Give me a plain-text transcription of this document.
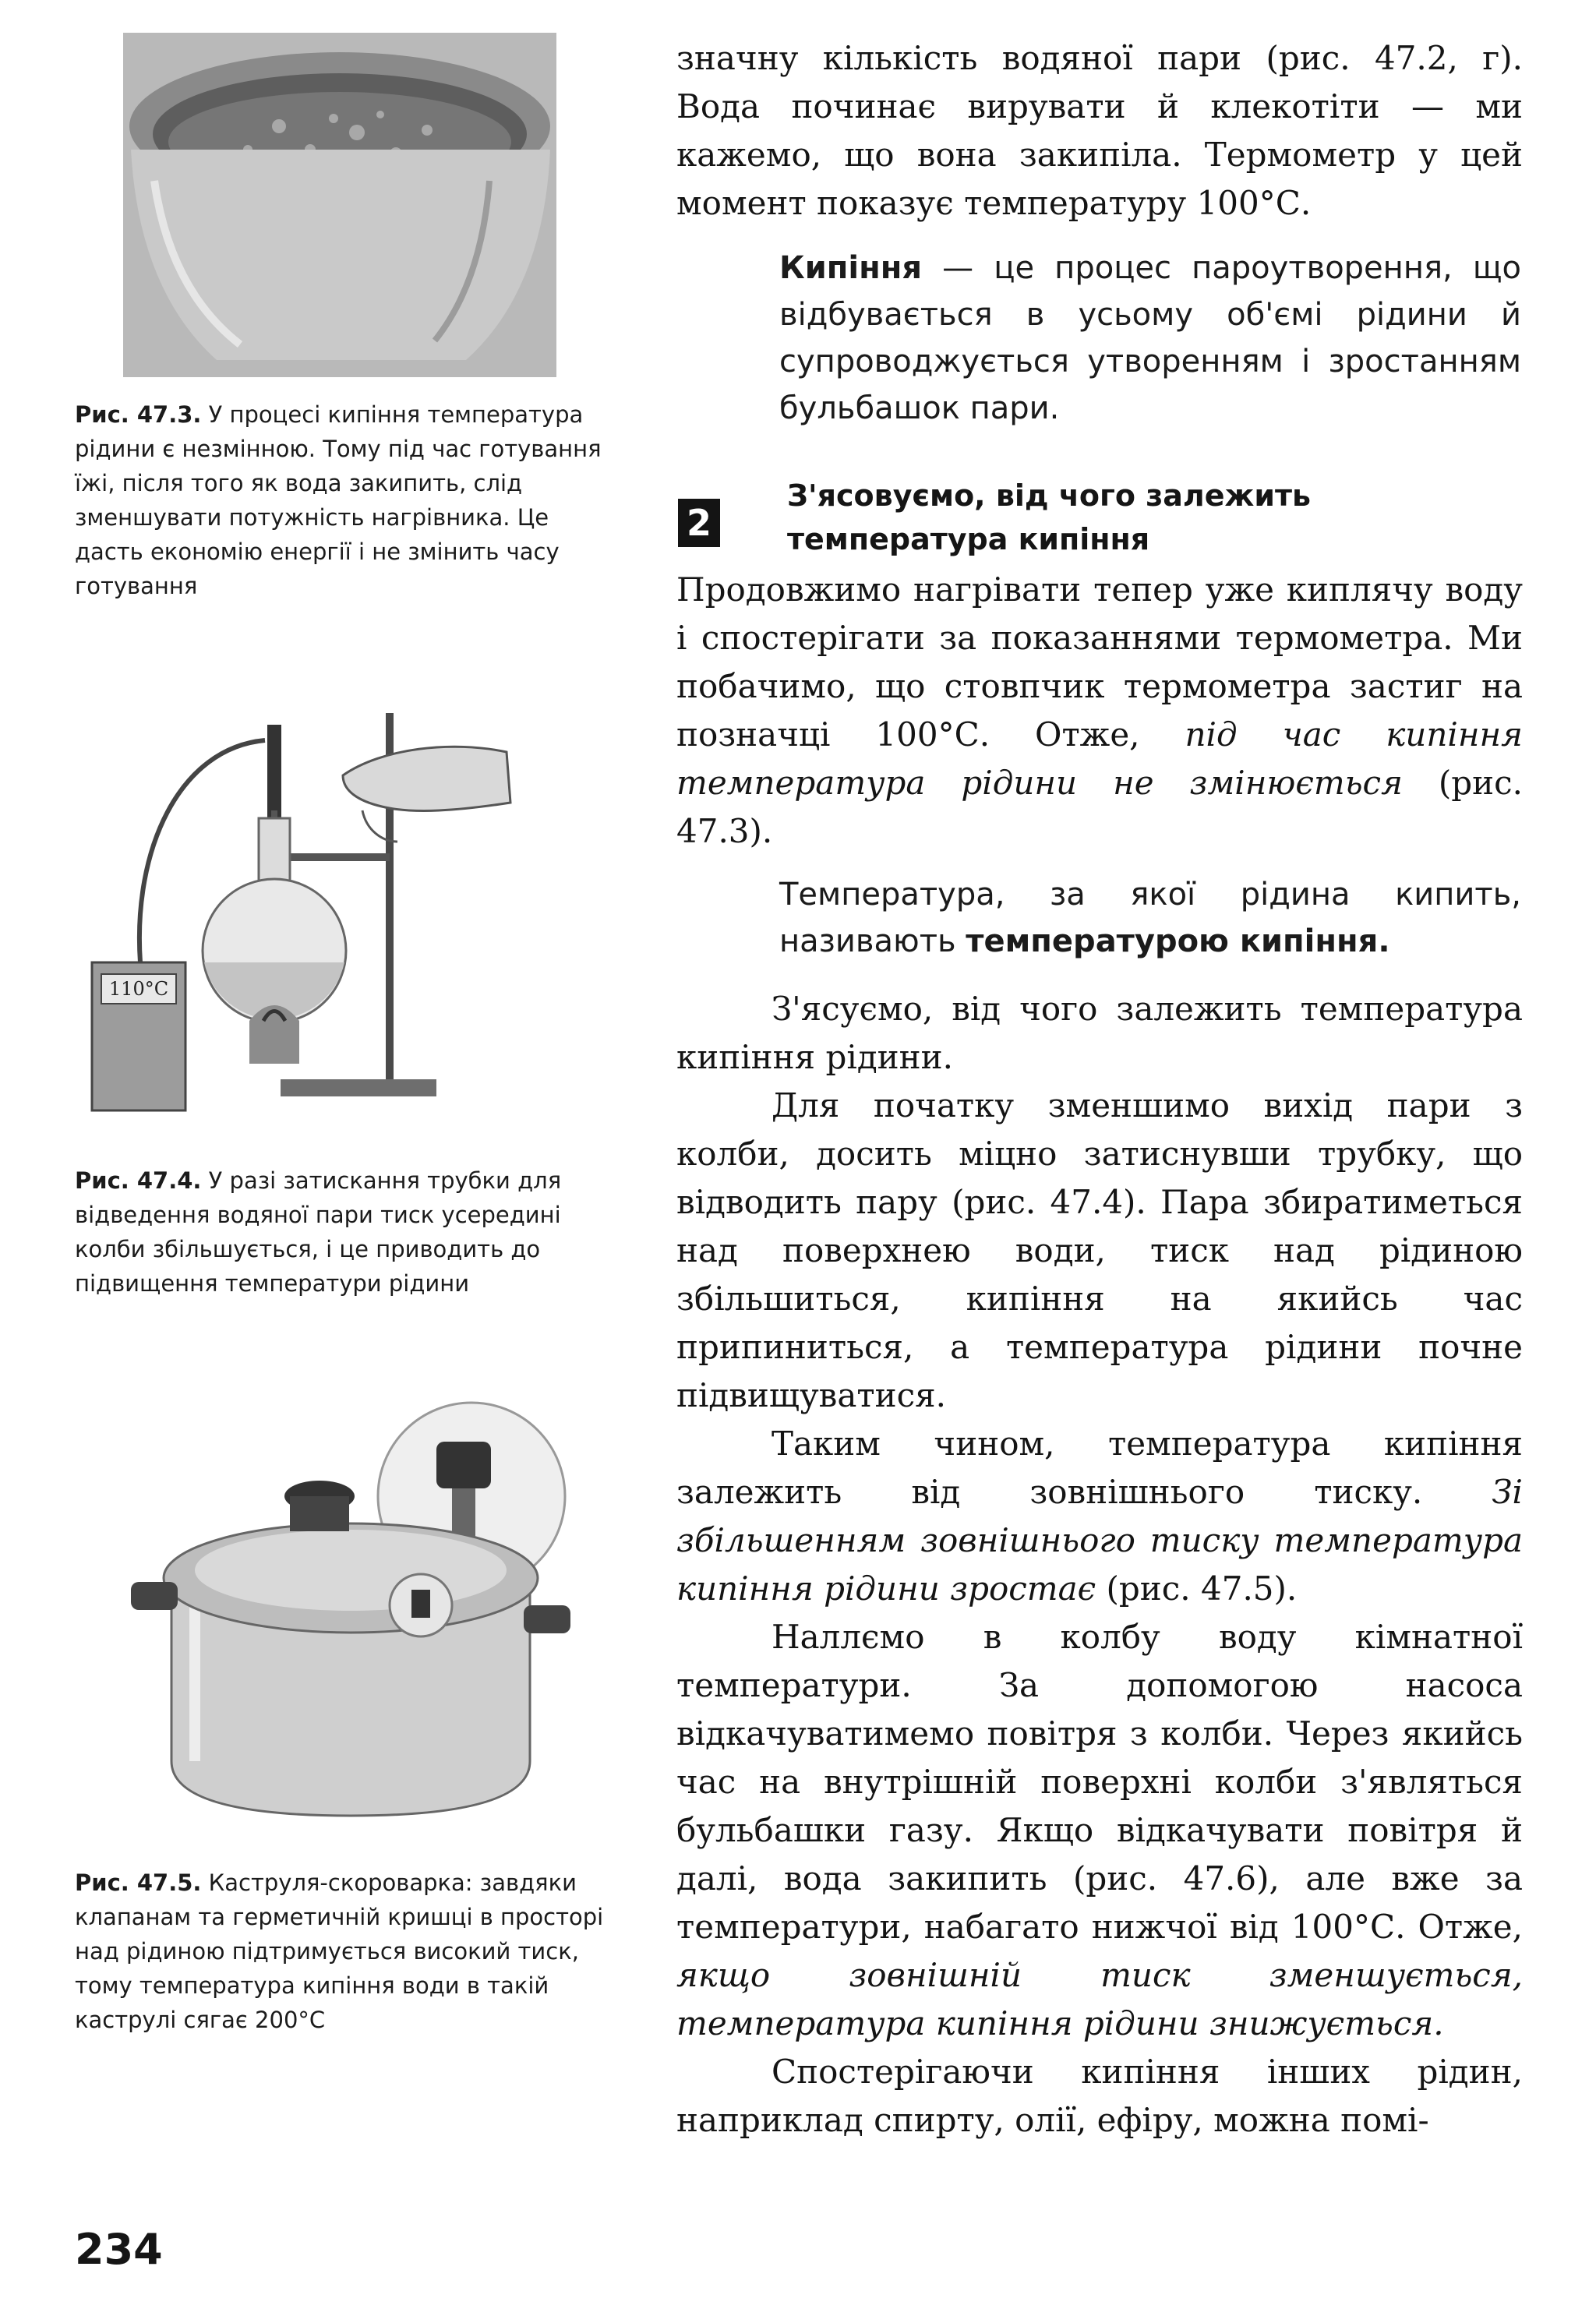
Рис. 47.3. У процесі кипіння температура рідини є незмінною. Тому під час готування їжі, після того як вода закипить, слід зменшувати потужність нагрівника. Це дасть економію енергії і не змінить часу готування
110°С
Рис. 47.4. У разі затискання трубки для відведення водяної пари тиск усередині колби збільшується, і це приводить до підвищення температури рідини
Рис. 47.5. Каструля-скороварка: завдяки клапанам та герметичній кришці в просторі над рідиною підтримується високий тиск, тому температура кипіння води в такій каструлі сягає 200°С
234

значну кількість водяної пари (рис. 47.2, г). Вода починає вирувати й клекотіти — ми кажемо, що вона закипіла. Термометр у цей момент показує температуру 100°С.

Кипіння — це процес пароутворення, що відбувається в усьому об'ємі рідини й супроводжується утворенням і зростанням бульбашок пари.
2
З'ясовуємо, від чого залежить температура кипіння

Продовжимо нагрівати тепер уже киплячу воду і спостерігати за показаннями термометра. Ми побачимо, що стовпчик термометра застиг на позначці 100°С. Отже, під час кипіння температура рідини не змінюється (рис. 47.3).

Температура, за якої рідина кипить, називають температурою кипіння.

З'ясуємо, від чого залежить температура кипіння рідини.

Для початку зменшимо вихід пари з колби, досить міцно затиснувши трубку, що відводить пару (рис. 47.4). Пара збиратиметься над поверхнею води, тиск над рідиною збільшиться, кипіння на якийсь час припиниться, а температура рідини почне підвищуватися.

Таким чином, температура кипіння залежить від зовнішнього тиску. Зі збільшенням зовнішнього тиску температура кипіння рідини зростає (рис. 47.5).

Наллємо в колбу воду кімнатної температури. За допомогою насоса відкачуватимемо повітря з колби. Через якийсь час на внутрішній поверхні колби з'являться бульбашки газу. Якщо відкачувати повітря й далі, вода закипить (рис. 47.6), але вже за температури, набагато нижчої від 100°С. Отже, якщо зовнішній тиск зменшується, температура кипіння рідини знижується.

Спостерігаючи кипіння інших рідин, наприклад спирту, олії, ефіру, можна помі-
